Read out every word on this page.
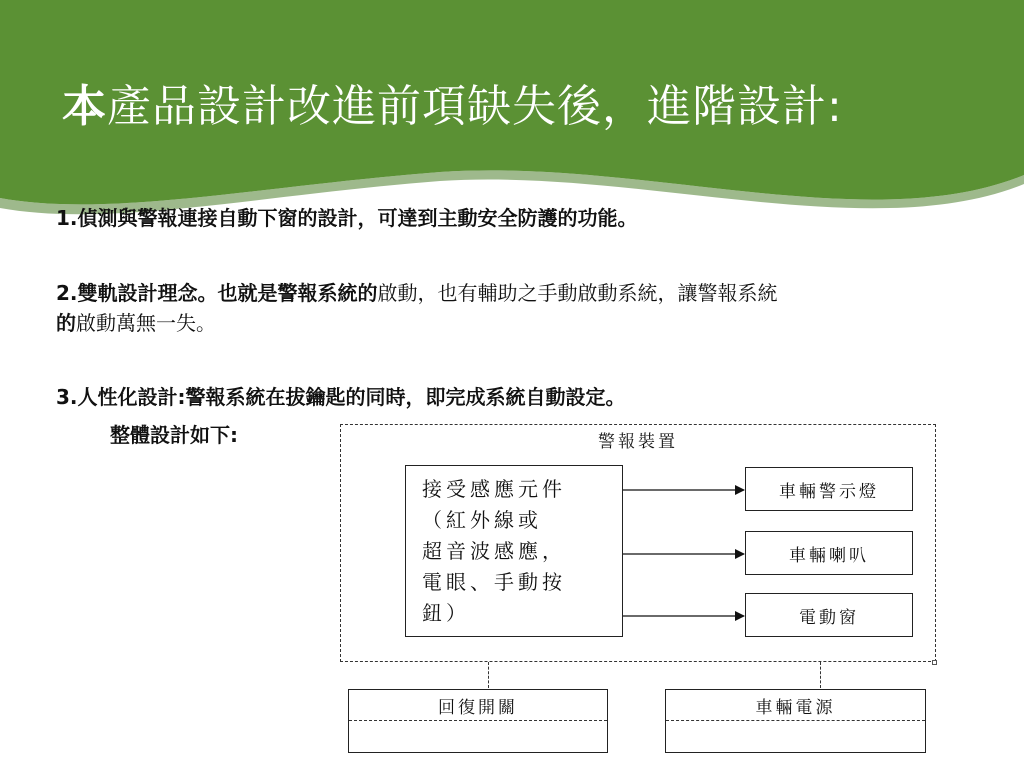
本產品設計改進前項缺失後，進階設計:

1.偵測與警報連接自動下窗的設計，可達到主動安全防護的功能。

2.雙軌設計理念。也就是警報系統的啟動，也有輔助之手動啟動系統，讓警報系統
的啟動萬無一失。

3.人性化設計:警報系統在拔鑰匙的同時，即完成系統自動設定。

整體設計如下:	警報裝置
接受感應元件
（紅外線或
超音波感應，
電眼、手動按
鈕）
車輛警示燈
車輛喇叭
電動窗
回復開關	車輛電源
